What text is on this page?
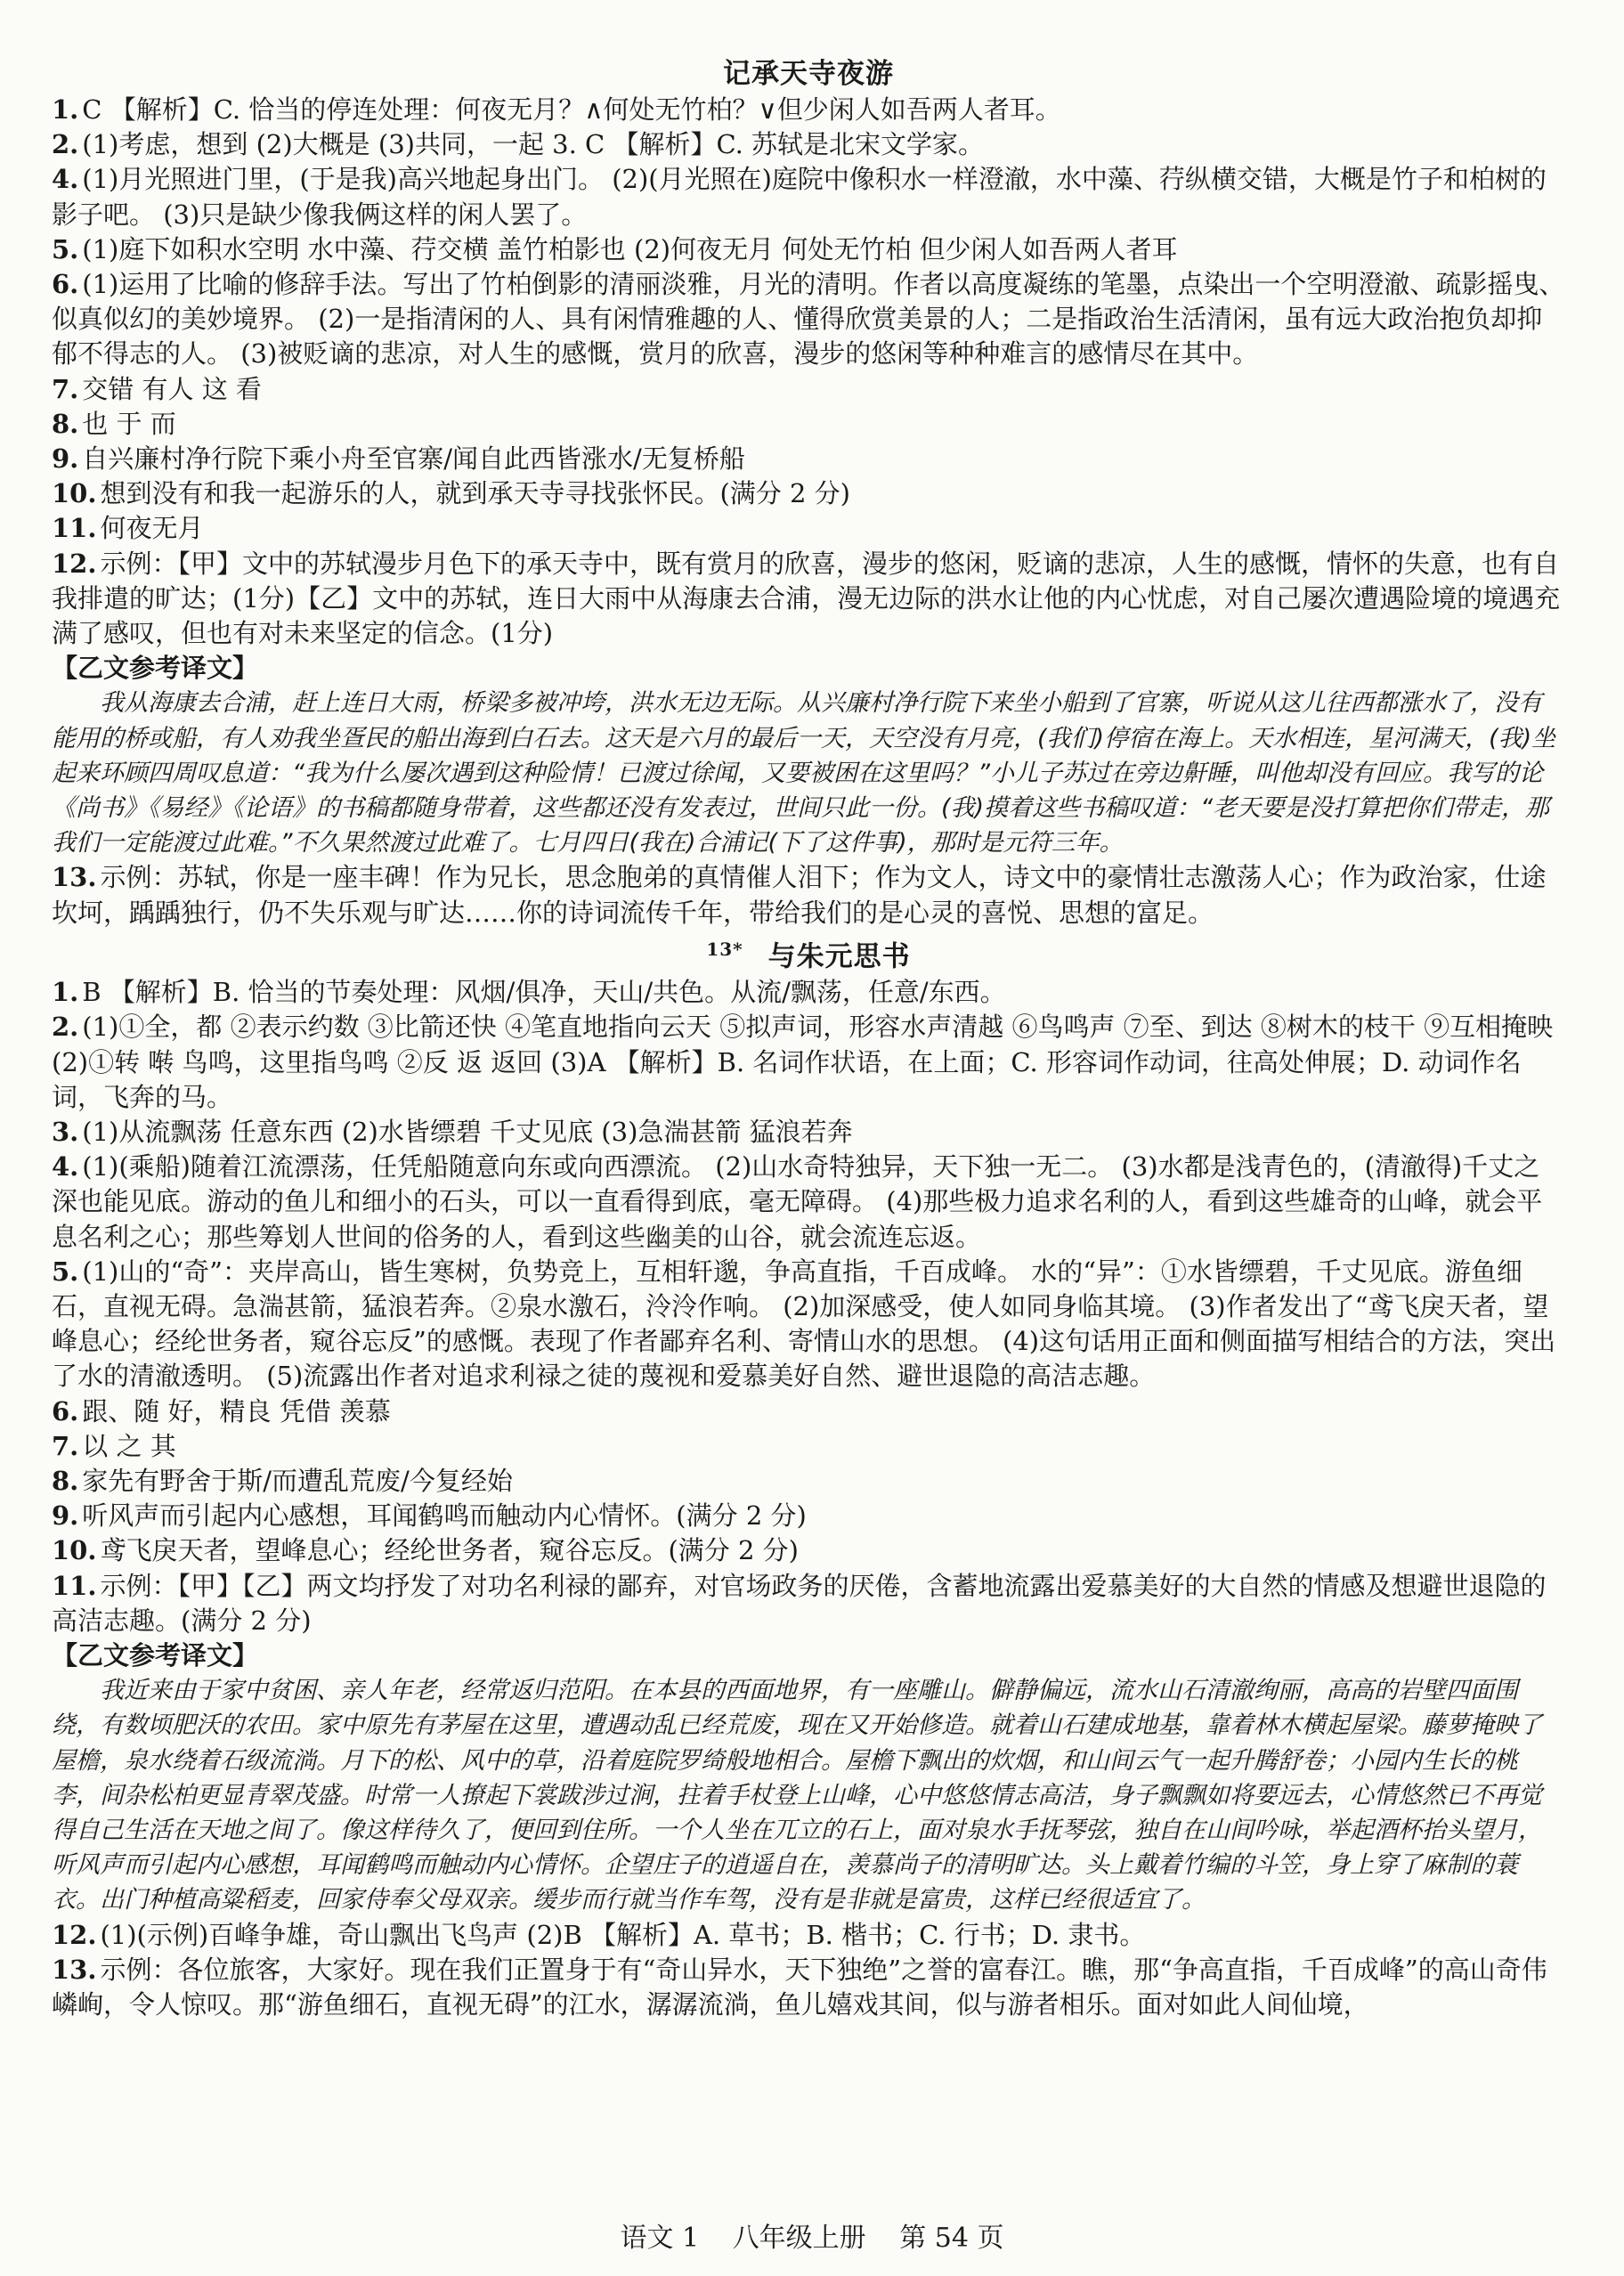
记承天寺夜游

1. C 【解析】C. 恰当的停连处理：何夜无月？∧何处无竹柏？∨但少闲人如吾两人者耳。

2. (1)考虑，想到 (2)大概是 (3)共同，一起 3. C 【解析】C. 苏轼是北宋文学家。

4. (1)月光照进门里，(于是我)高兴地起身出门。 (2)(月光照在)庭院中像积水一样澄澈，水中藻、荇纵横交错，大概是竹子和柏树的影子吧。 (3)只是缺少像我俩这样的闲人罢了。

5. (1)庭下如积水空明 水中藻、荇交横 盖竹柏影也 (2)何夜无月 何处无竹柏 但少闲人如吾两人者耳

6. (1)运用了比喻的修辞手法。写出了竹柏倒影的清丽淡雅，月光的清明。作者以高度凝练的笔墨，点染出一个空明澄澈、疏影摇曳、似真似幻的美妙境界。 (2)一是指清闲的人、具有闲情雅趣的人、懂得欣赏美景的人；二是指政治生活清闲，虽有远大政治抱负却抑郁不得志的人。 (3)被贬谪的悲凉，对人生的感慨，赏月的欣喜，漫步的悠闲等种种难言的感情尽在其中。

7. 交错 有人 这 看

8. 也 于 而

9. 自兴廉村净行院下乘小舟至官寨/闻自此西皆涨水/无复桥船

10. 想到没有和我一起游乐的人，就到承天寺寻找张怀民。(满分 2 分)

11. 何夜无月

12. 示例：【甲】文中的苏轼漫步月色下的承天寺中，既有赏月的欣喜，漫步的悠闲，贬谪的悲凉，人生的感慨，情怀的失意，也有自我排遣的旷达；(1分)【乙】文中的苏轼，连日大雨中从海康去合浦，漫无边际的洪水让他的内心忧虑，对自己屡次遭遇险境的境遇充满了感叹，但也有对未来坚定的信念。(1分)

【乙文参考译文】

我从海康去合浦，赶上连日大雨，桥梁多被冲垮，洪水无边无际。从兴廉村净行院下来坐小船到了官寨，听说从这儿往西都涨水了，没有能用的桥或船，有人劝我坐疍民的船出海到白石去。这天是六月的最后一天，天空没有月亮，(我们)停宿在海上。天水相连，星河满天，(我)坐起来环顾四周叹息道：“我为什么屡次遇到这种险情！已渡过徐闻，又要被困在这里吗？”小儿子苏过在旁边鼾睡，叫他却没有回应。我写的论《尚书》《易经》《论语》的书稿都随身带着，这些都还没有发表过，世间只此一份。(我)摸着这些书稿叹道：“老天要是没打算把你们带走，那我们一定能渡过此难。”不久果然渡过此难了。七月四日(我在)合浦记(下了这件事)，那时是元符三年。

13. 示例：苏轼，你是一座丰碑！作为兄长，思念胞弟的真情催人泪下；作为文人，诗文中的豪情壮志激荡人心；作为政治家，仕途坎坷，踽踽独行，仍不失乐观与旷达……你的诗词流传千年，带给我们的是心灵的喜悦、思想的富足。

$^{13*}$ 与朱元思书

1. B 【解析】B. 恰当的节奏处理：风烟/俱净，天山/共色。从流/飘荡，任意/东西。

2. (1)①全，都 ②表示约数 ③比箭还快 ④笔直地指向云天 ⑤拟声词，形容水声清越 ⑥鸟鸣声 ⑦至、到达 ⑧树木的枝干 ⑨互相掩映 (2)①转 啭 鸟鸣，这里指鸟鸣 ②反 返 返回 (3)A 【解析】B. 名词作状语，在上面；C. 形容词作动词，往高处伸展；D. 动词作名词，飞奔的马。

3. (1)从流飘荡 任意东西 (2)水皆缥碧 千丈见底 (3)急湍甚箭 猛浪若奔

4. (1)(乘船)随着江流漂荡，任凭船随意向东或向西漂流。 (2)山水奇特独异，天下独一无二。 (3)水都是浅青色的，(清澈得)千丈之深也能见底。游动的鱼儿和细小的石头，可以一直看得到底，毫无障碍。 (4)那些极力追求名利的人，看到这些雄奇的山峰，就会平息名利之心；那些筹划人世间的俗务的人，看到这些幽美的山谷，就会流连忘返。

5. (1)山的“奇”：夹岸高山，皆生寒树，负势竞上，互相轩邈，争高直指，千百成峰。 水的“异”：①水皆缥碧，千丈见底。游鱼细石，直视无碍。急湍甚箭，猛浪若奔。②泉水激石，泠泠作响。 (2)加深感受，使人如同身临其境。 (3)作者发出了“鸢飞戾天者，望峰息心；经纶世务者，窥谷忘反”的感慨。表现了作者鄙弃名利、寄情山水的思想。 (4)这句话用正面和侧面描写相结合的方法，突出了水的清澈透明。 (5)流露出作者对追求利禄之徒的蔑视和爱慕美好自然、避世退隐的高洁志趣。

6. 跟、随 好，精良 凭借 羡慕

7. 以 之 其

8. 家先有野舍于斯/而遭乱荒废/今复经始

9. 听风声而引起内心感想，耳闻鹤鸣而触动内心情怀。(满分 2 分)

10. 鸢飞戾天者，望峰息心；经纶世务者，窥谷忘反。(满分 2 分)

11. 示例：【甲】【乙】两文均抒发了对功名利禄的鄙弃，对官场政务的厌倦，含蓄地流露出爱慕美好的大自然的情感及想避世退隐的高洁志趣。(满分 2 分)

【乙文参考译文】

我近来由于家中贫困、亲人年老，经常返归范阳。在本县的西面地界，有一座雕山。僻静偏远，流水山石清澈绚丽，高高的岩壁四面围绕，有数顷肥沃的农田。家中原先有茅屋在这里，遭遇动乱已经荒废，现在又开始修造。就着山石建成地基，靠着林木横起屋梁。藤萝掩映了屋檐，泉水绕着石级流淌。月下的松、风中的草，沿着庭院罗绮般地相合。屋檐下飘出的炊烟，和山间云气一起升腾舒卷；小园内生长的桃李，间杂松柏更显青翠茂盛。时常一人撩起下裳跋涉过涧，拄着手杖登上山峰，心中悠悠情志高洁，身子飘飘如将要远去，心情悠然已不再觉得自己生活在天地之间了。像这样待久了，便回到住所。一个人坐在兀立的石上，面对泉水手抚琴弦，独自在山间吟咏，举起酒杯抬头望月，听风声而引起内心感想，耳闻鹤鸣而触动内心情怀。企望庄子的逍遥自在，羡慕尚子的清明旷达。头上戴着竹编的斗笠，身上穿了麻制的蓑衣。出门种植高粱稻麦，回家侍奉父母双亲。缓步而行就当作车驾，没有是非就是富贵，这样已经很适宜了。

12. (1)(示例)百峰争雄，奇山飘出飞鸟声 (2)B 【解析】A. 草书；B. 楷书；C. 行书；D. 隶书。

13. 示例：各位旅客，大家好。现在我们正置身于有“奇山异水，天下独绝”之誉的富春江。瞧，那“争高直指，千百成峰”的高山奇伟嶙峋，令人惊叹。那“游鱼细石，直视无碍”的江水，潺潺流淌，鱼儿嬉戏其间，似与游者相乐。面对如此人间仙境，

语文 1 八年级上册 第 54 页
